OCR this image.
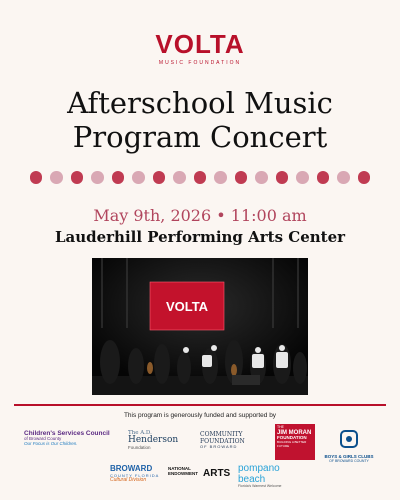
VOLTA
MUSIC FOUNDATION
Afterschool Music
Program Concert
May 9th, 2026 • 11:00 am
Lauderhill Performing Arts Center
VOLTA
This program is generously funded and supported by
Children's Services Council
of Broward County
Our Focus is Our Children.
The A.D.
Henderson
Foundation
COMMUNITY
FOUNDATION
OF BROWARD
THE
JIM MORAN
FOUNDATION
BUILDING A BETTER FUTURE
BOYS & GIRLS CLUBS
OF BROWARD COUNTY
BROWARD
COUNTY FLORIDA
Cultural Division
NATIONAL
ENDOWMENT ARTS pompano
beach
Florida's Warmest Welcome
